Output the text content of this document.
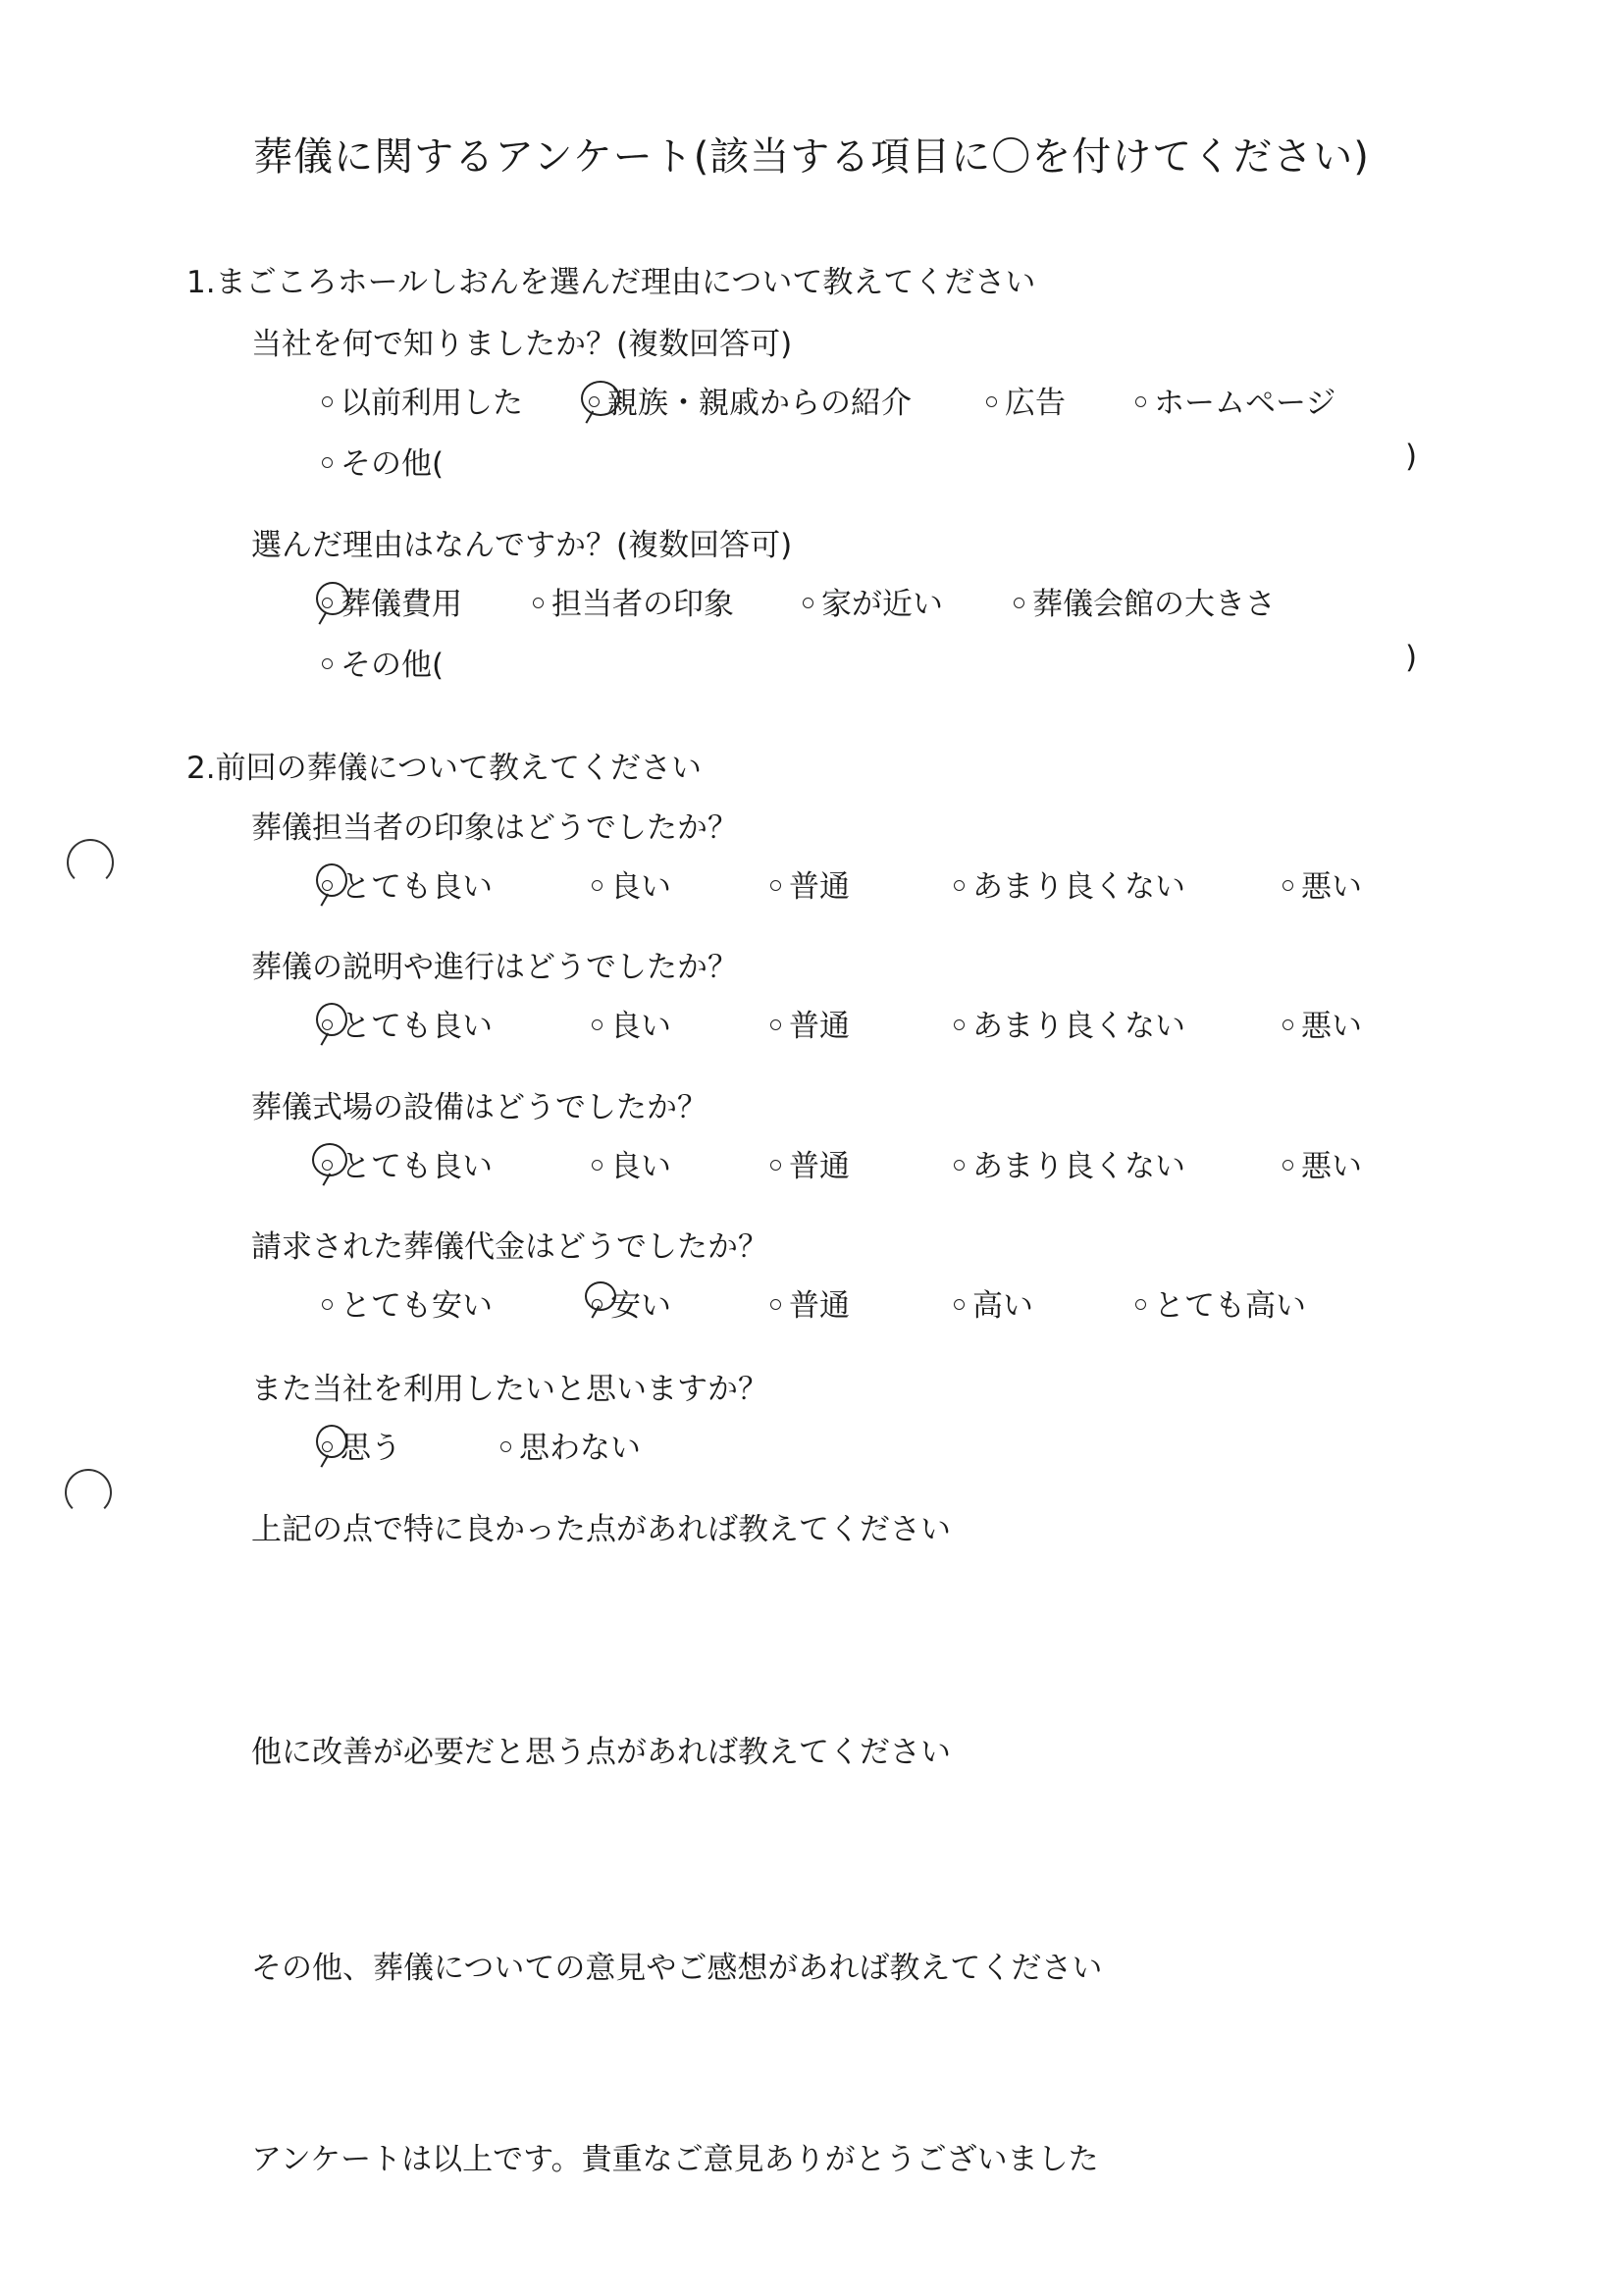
葬儀に関するアンケート(該当する項目に〇を付けてください)
1.まごころホールしおんを選んだ理由について教えてください
当社を何で知りましたか？(複数回答可)
以前利用した	親族・親戚からの紹介	広告	ホームページ
その他(	)
選んだ理由はなんですか？(複数回答可)
葬儀費用	担当者の印象	家が近い	葬儀会館の大きさ
その他(	)
2.前回の葬儀について教えてください
葬儀担当者の印象はどうでしたか？
とても良い	良い	普通	あまり良くない	悪い
葬儀の説明や進行はどうでしたか？
とても良い	良い	普通	あまり良くない	悪い
葬儀式場の設備はどうでしたか？
とても良い	良い	普通	あまり良くない	悪い
請求された葬儀代金はどうでしたか？
とても安い	安い	普通	高い	とても高い
また当社を利用したいと思いますか？
思う	思わない
上記の点で特に良かった点があれば教えてください
他に改善が必要だと思う点があれば教えてください
その他、葬儀についての意見やご感想があれば教えてください
アンケートは以上です。貴重なご意見ありがとうございました
